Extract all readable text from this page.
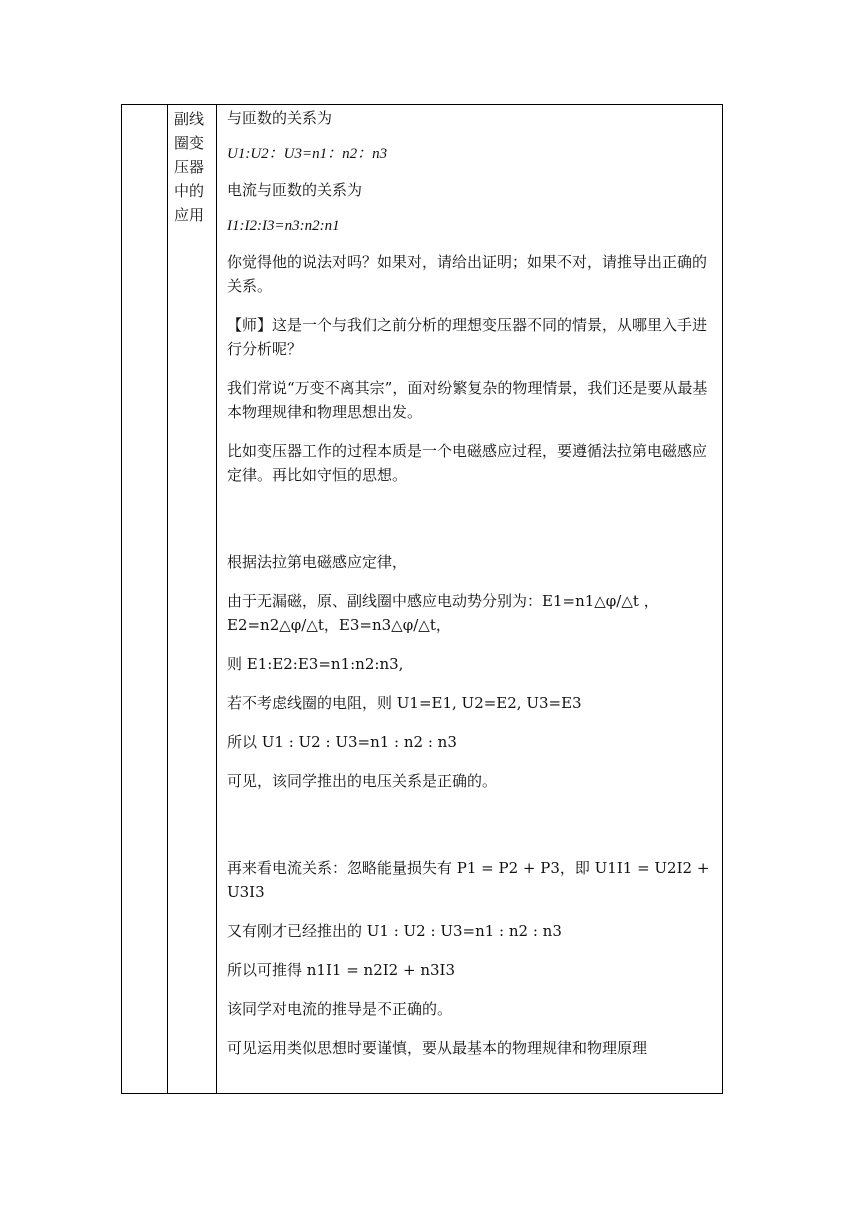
副线圈变压器中的应用

与匝数的关系为

U1:U2：U3=n1：n2：n3

电流与匝数的关系为

I1:I2:I3=n3:n2:n1

你觉得他的说法对吗？如果对，请给出证明；如果不对，请推导出正确的关系。

【师】这是一个与我们之前分析的理想变压器不同的情景，从哪里入手进行分析呢？

我们常说“万变不离其宗”，面对纷繁复杂的物理情景，我们还是要从最基本物理规律和物理思想出发。

比如变压器工作的过程本质是一个电磁感应过程，要遵循法拉第电磁感应定律。再比如守恒的思想。

根据法拉第电磁感应定律，

由于无漏磁，原、副线圈中感应电动势分别为：E1=n1△φ/△t ，E2=n2△φ/△t，E3=n3△φ/△t，

则 E1:E2:E3=n1:n2:n3,

若不考虑线圈的电阻，则 U1=E1, U2=E2, U3=E3

所以 U1 : U2 : U3=n1 : n2 : n3

可见，该同学推出的电压关系是正确的。

再来看电流关系：忽略能量损失有 P1 = P2 + P3，即 U1I1 = U2I2 + U3I3

又有刚才已经推出的 U1 : U2 : U3=n1 : n2 : n3

所以可推得 n1I1 = n2I2 + n3I3

该同学对电流的推导是不正确的。

可见运用类似思想时要谨慎，要从最基本的物理规律和物理原理
